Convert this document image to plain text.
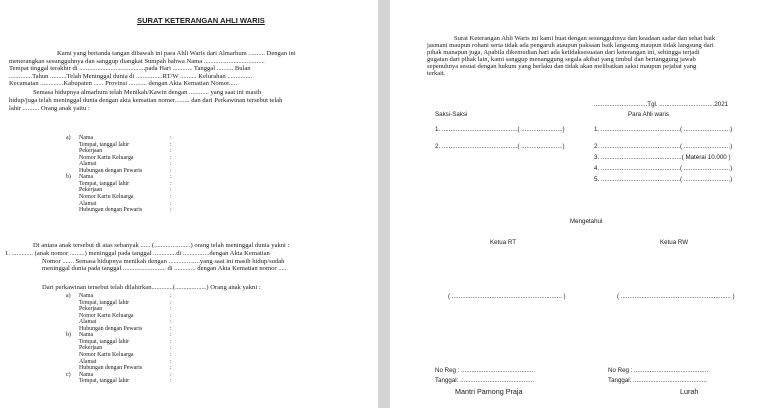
SURAT KETERANGAN AHLI WARIS
Kami yang bertanda tangan dibawah ini para Ahli Waris dari Almarhum .......... Dengan ini
menerangkan sesungguhnya dan sanggup diangkat Sumpah bahwa Nama .....................................
Tempat tinggal terakhir di ........................................pada Hari ............ Tanggal .......... Bulan
..............Tahun ..........Telah Meninggal dunia di ................RT/W .......... Kelurahan ...............
Kecamatan ..............Kabupaten ...... Provinsi ........... dengan Akta Kematian Nomor.....
Semasa hidupnya almarhum telah Menikah/Kawin dengan ............ yang saat ini masih
hidup/juga telah meninggal dunia dengan akta kematian nomer......... dan dari Perkawinan tersebut telah
lahir .......... Orang anak yaitu :
a) Nama	:
Tempat, tanggal lahir	:
Pekerjaan	:
Nomor Kartu Keluarga	:
Alamat	:
Hubungan dengan Pewaris	:
b) Nama	:
Tempat, tanggal lahir	:
Pekerjaan	:
Nomor Kartu Keluarga	:
Alamat	:
Hubungan dengan Pewaris	:
Di antara anak tersebut di atas sebanyak ...... (......................) orang telah meninggal dunia yakni :
1. ............. (anak nomor .........) meninggal pada tanggal ..............di ................dengan Akta Kematian
Nomor ....... Semasa hidupnya menikah dengan ...................yang saat ini masih hidup/sudah
meninggal dunia pada tanggal .......................... di ............. dengan Akta Kematian nomor .....
Dari perkawinan tersebut telah dilahirkan.............(...................) Orang anak yakni :
a) Nama	:
Tempat, tanggal lahir	:
Pekerjaan	:
Nomor Kartu Keluarga	:
Alamat	:
Hubungan dengan Pewaris	:
b) Nama	:
Tempat, tanggal lahir	:
Pekerjaan	:
Nomor Kartu Keluarga	:
Alamat	:
Hubungan dengan Pewaris	:
c) Nama	:
Tempat, tanggal lahir	:
Surat Keterangan Ahli Waris ini kami buat dengan sesungguhnya dan keadaan sadar dan sehat baik
jasmani maupun rohani serta tidak ada pengaruh ataupun paksaan baik langsung maupun tidak langsung dari
pihak manapun juga, Apabila dikemudian hari ada ketidaksesuaian dari keterangan ini, sehingga terjadi
gugatan dari pihak lain, kami sanggup menanggung segala akibat yang timbul dan bertanggung jawab
sepenuhnya sesuai dengan hukum yang berlaku dan tidak akan melibatkan saksi maupun pejabat yang
terkait.
...............................Tgl. ................................2021
Saksi-Saksi	Para Ahli waris
1. ............................................( ........................)
2. ............................................( ........................)
1. ..............................................( ...........................)
2. ..............................................( ...........................)
3. ...............................................( Materai 10.000 )
4. ..............................................( ...........................)
5. ..............................................( ...........................)
Mengetahui
Ketua RT	Ketua RW
( ................................................................ )	( ................................................................ )
No Reg : ...........................................
Tanggal: ...........................................
Mantri Pamong Praja
No Reg : ...........................................
Tanggal: ...........................................
Lurah
